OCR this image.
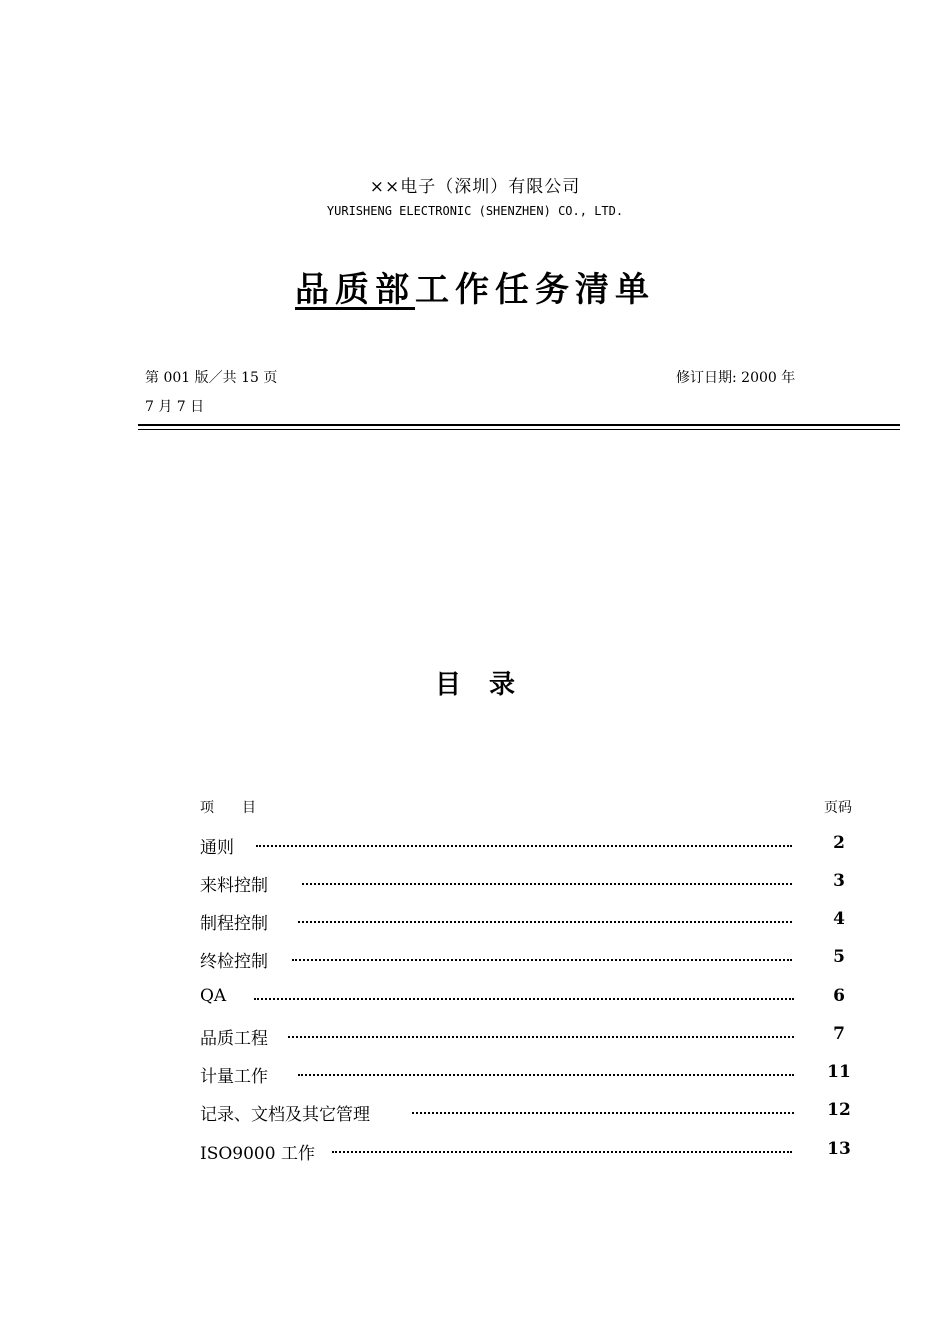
××电子（深圳）有限公司
YURISHENG ELECTRONIC (SHENZHEN) CO., LTD.
品质部工作任务清单
第 001 版／共 15 页	修订日期: 2000 年
7 月 7 日
目录
项目	页码
通则	2
来料控制	3
制程控制	4
终检控制	5
QA	6
品质工程	7
计量工作	11
记录、文档及其它管理	12
ISO9000 工作	13
